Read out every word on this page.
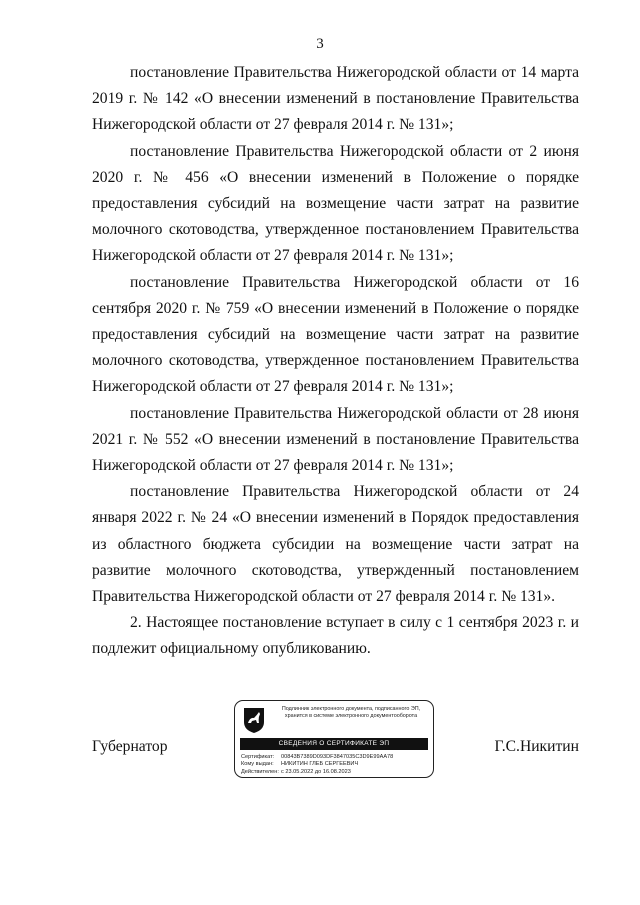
3

постановление Правительства Нижегородской области от 14 марта 2019 г. № 142 «О внесении изменений в постановление Правительства Нижегородской области от 27 февраля 2014 г. № 131»;

постановление Правительства Нижегородской области от 2 июня 2020 г. № 456 «О внесении изменений в Положение о порядке предоставления субсидий на возмещение части затрат на развитие молочного скотоводства, утвержденное постановлением Правительства Нижегородской области от 27 февраля 2014 г. № 131»;

постановление Правительства Нижегородской области от 16 сентября 2020 г. № 759 «О внесении изменений в Положение о порядке предоставления субсидий на возмещение части затрат на развитие молочного скотоводства, утвержденное постановлением Правительства Нижегородской области от 27 февраля 2014 г. № 131»;

постановление Правительства Нижегородской области от 28 июня 2021 г. № 552 «О внесении изменений в постановление Правительства Нижегородской области от 27 февраля 2014 г. № 131»;

постановление Правительства Нижегородской области от 24 января 2022 г. № 24 «О внесении изменений в Порядок предоставления из областного бюджета субсидии на возмещение части затрат на развитие молочного скотоводства, утвержденный постановлением Правительства Нижегородской области от 27 февраля 2014 г. № 131».

2. Настоящее постановление вступает в силу с 1 сентября 2023 г. и подлежит официальному опубликованию.

Губернатор	Г.С.Никитин
Подлинник электронного документа, подписанного ЭП,
хранится в системе электронного документооборота
СВЕДЕНИЯ О СЕРТИФИКАТЕ ЭП
Сертификат: 00843B7389D093DF3847035C3D9E99AA78
Кому выдан: НИКИТИН ГЛЕБ СЕРГЕЕВИЧ
Действителен: с 23.05.2022 до 16.08.2023
